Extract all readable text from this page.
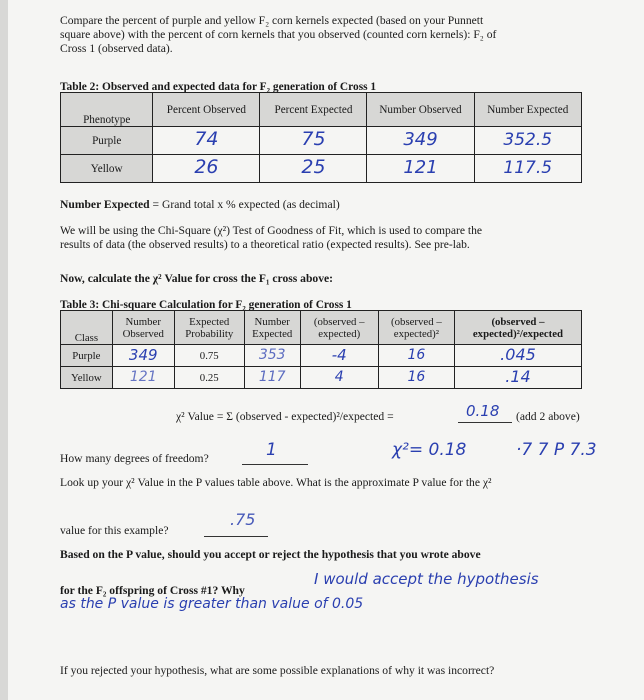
Compare the percent of purple and yellow F₂ corn kernels expected (based on your Punnett
square above) with the percent of corn kernels that you observed (counted corn kernels): F₂ of
Cross 1 (observed data).
Table 2: Observed and expected data for F₂ generation of Cross 1
Phenotype	Percent Observed	Percent Expected	Number Observed	Number Expected
Purple	74	75	349	352.5
Yellow	26	25	121	117.5
Number Expected = Grand total x % expected (as decimal)
We will be using the Chi-Square (χ²) Test of Goodness of Fit, which is used to compare the
results of data (the observed results) to a theoretical ratio (expected results). See pre-lab.
Now, calculate the χ² Value for cross the F₁ cross above:
Table 3: Chi-square Calculation for F₂ generation of Cross 1
Class	Number Observed	Expected Probability	Number Expected	(observed – expected)	(observed – expected)²	(observed – expected)²/expected
Purple	349	0.75	353	-4	16	.045
Yellow	121	0.25	117	4	16	.14
χ² Value = Σ (observed - expected)²/expected =	0.18 (add 2 above)
How many degrees of freedom?	1	χ²= 0.18	·7 7 P 7.3
Look up your χ² Value in the P values table above. What is the approximate P value for the χ²
value for this example?
.75
Based on the P value, should you accept or reject the hypothesis that you wrote above
for the F₂ offspring of Cross #1? Why
I would accept the hypothesis
as the P value is greater than value of 0.05
If you rejected your hypothesis, what are some possible explanations of why it was incorrect?
